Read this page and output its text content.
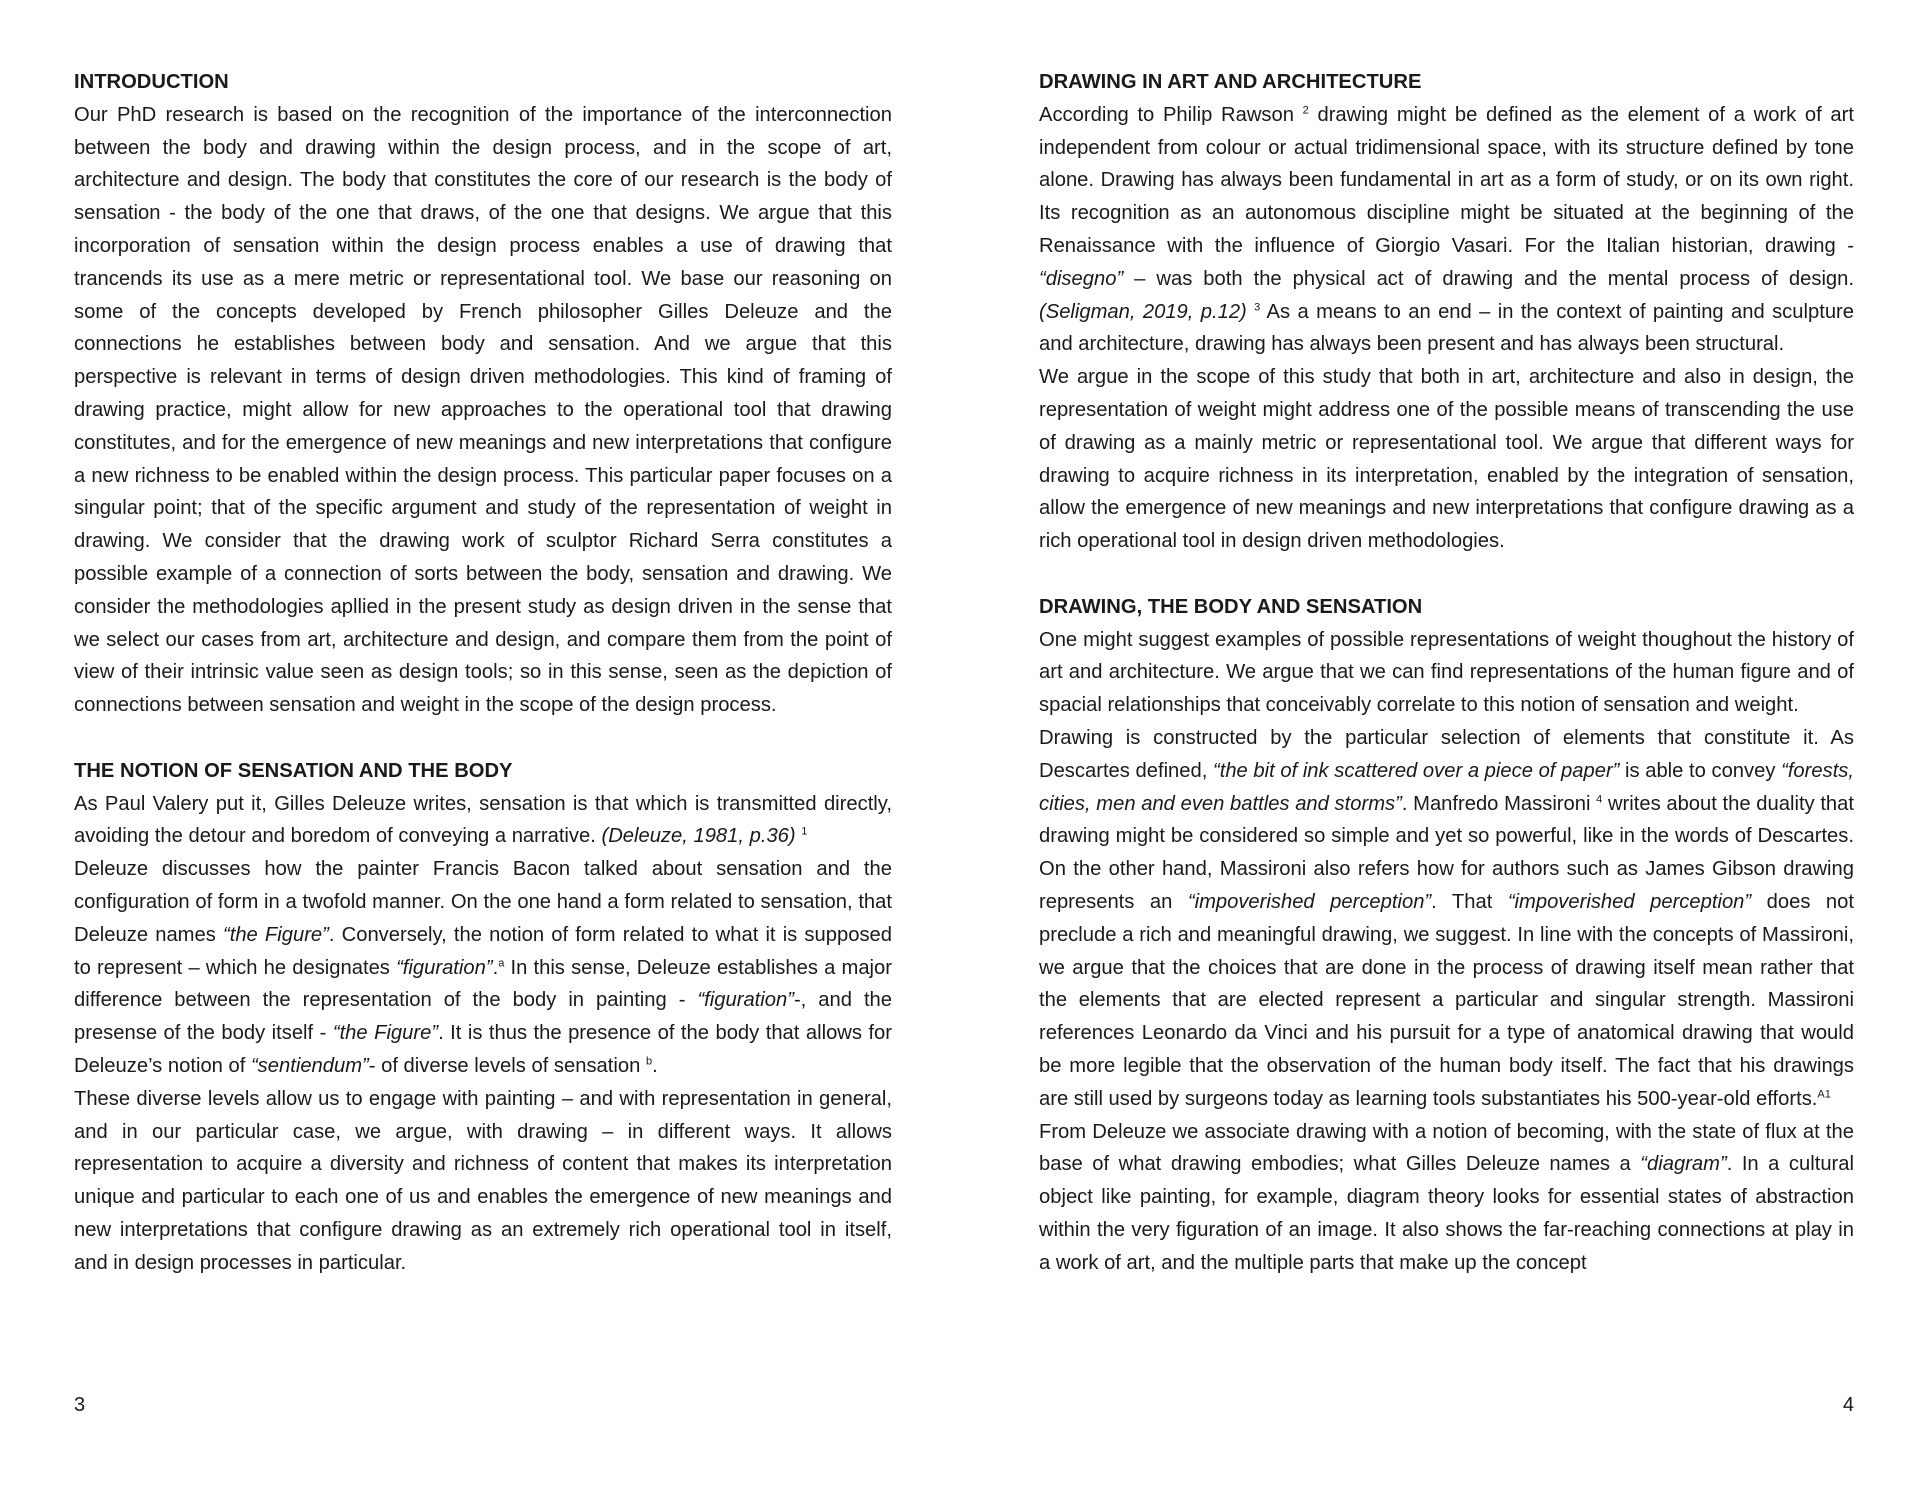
INTRODUCTION

Our PhD research is based on the recognition of the importance of the interconnection between the body and drawing within the design process, and in the scope of art, architecture and design. The body that constitutes the core of our research is the body of sensation - the body of the one that draws, of the one that designs. We argue that this incorporation of sensation within the design process enables a use of drawing that trancends its use as a mere metric or representational tool. We base our reasoning on some of the concepts developed by French philosopher Gilles Deleuze and the connections he establishes between body and sensation. And we argue that this perspective is relevant in terms of design driven methodologies. This kind of framing of drawing practice, might allow for new approaches to the operational tool that drawing constitutes, and for the emergence of new meanings and new interpretations that configure a new richness to be enabled within the design process. This particular paper focuses on a singular point; that of the specific argument and study of the representation of weight in drawing. We consider that the drawing work of sculptor Richard Serra constitutes a possible example of a connection of sorts between the body, sensation and drawing. We consider the methodologies apllied in the present study as design driven in the sense that we select our cases from art, architecture and design, and compare them from the point of view of their intrinsic value seen as design tools; so in this sense, seen as the depiction of connections between sensation and weight in the scope of the design process.

THE NOTION OF SENSATION AND THE BODY

As Paul Valery put it, Gilles Deleuze writes, sensation is that which is transmitted directly, avoiding the detour and boredom of conveying a narrative. (Deleuze, 1981, p.36) $^1$

Deleuze discusses how the painter Francis Bacon talked about sensation and the configuration of form in a twofold manner. On the one hand a form related to sensation, that Deleuze names “the Figure”. Conversely, the notion of form related to what it is supposed to represent – which he designates “figuration”.$^a$ In this sense, Deleuze establishes a major difference between the representation of the body in painting - “figuration”-, and the presense of the body itself - “the Figure”. It is thus the presence of the body that allows for Deleuze’s notion of “sentiendum”- of diverse levels of sensation $^b$.

These diverse levels allow us to engage with painting – and with representation in general, and in our particular case, we argue, with drawing – in different ways. It allows representation to acquire a diversity and richness of content that makes its interpretation unique and particular to each one of us and enables the emergence of new meanings and new interpretations that configure drawing as an extremely rich operational tool in itself, and in design processes in particular.

3
DRAWING IN ART AND ARCHITECTURE

According to Philip Rawson $^2$ drawing might be defined as the element of a work of art independent from colour or actual tridimensional space, with its structure defined by tone alone. Drawing has always been fundamental in art as a form of study, or on its own right. Its recognition as an autonomous discipline might be situated at the beginning of the Renaissance with the influence of Giorgio Vasari. For the Italian historian, drawing - “disegno” – was both the physical act of drawing and the mental process of design. (Seligman, 2019, p.12) $^3$ As a means to an end – in the context of painting and sculpture and architecture, drawing has always been present and has always been structural.

We argue in the scope of this study that both in art, architecture and also in design, the representation of weight might address one of the possible means of transcending the use of drawing as a mainly metric or representational tool. We argue that different ways for drawing to acquire richness in its interpretation, enabled by the integration of sensation, allow the emergence of new meanings and new interpretations that configure drawing as a rich operational tool in design driven methodologies.

DRAWING, THE BODY AND SENSATION

One might suggest examples of possible representations of weight thoughout the history of art and architecture. We argue that we can find representations of the human figure and of spacial relationships that conceivably correlate to this notion of sensation and weight.

Drawing is constructed by the particular selection of elements that constitute it. As Descartes defined, “the bit of ink scattered over a piece of paper” is able to convey “forests, cities, men and even battles and storms”. Manfredo Massironi $^4$ writes about the duality that drawing might be considered so simple and yet so powerful, like in the words of Descartes. On the other hand, Massironi also refers how for authors such as James Gibson drawing represents an “impoverished perception”. That “impoverished perception” does not preclude a rich and meaningful drawing, we suggest. In line with the concepts of Massironi, we argue that the choices that are done in the process of drawing itself mean rather that the elements that are elected represent a particular and singular strength. Massironi references Leonardo da Vinci and his pursuit for a type of anatomical drawing that would be more legible that the observation of the human body itself. The fact that his drawings are still used by surgeons today as learning tools substantiates his 500-year-old efforts.$^{A1}$

From Deleuze we associate drawing with a notion of becoming, with the state of flux at the base of what drawing embodies; what Gilles Deleuze names a “diagram”. In a cultural object like painting, for example, diagram theory looks for essential states of abstraction within the very figuration of an image. It also shows the far-reaching connections at play in a work of art, and the multiple parts that make up the concept

4
